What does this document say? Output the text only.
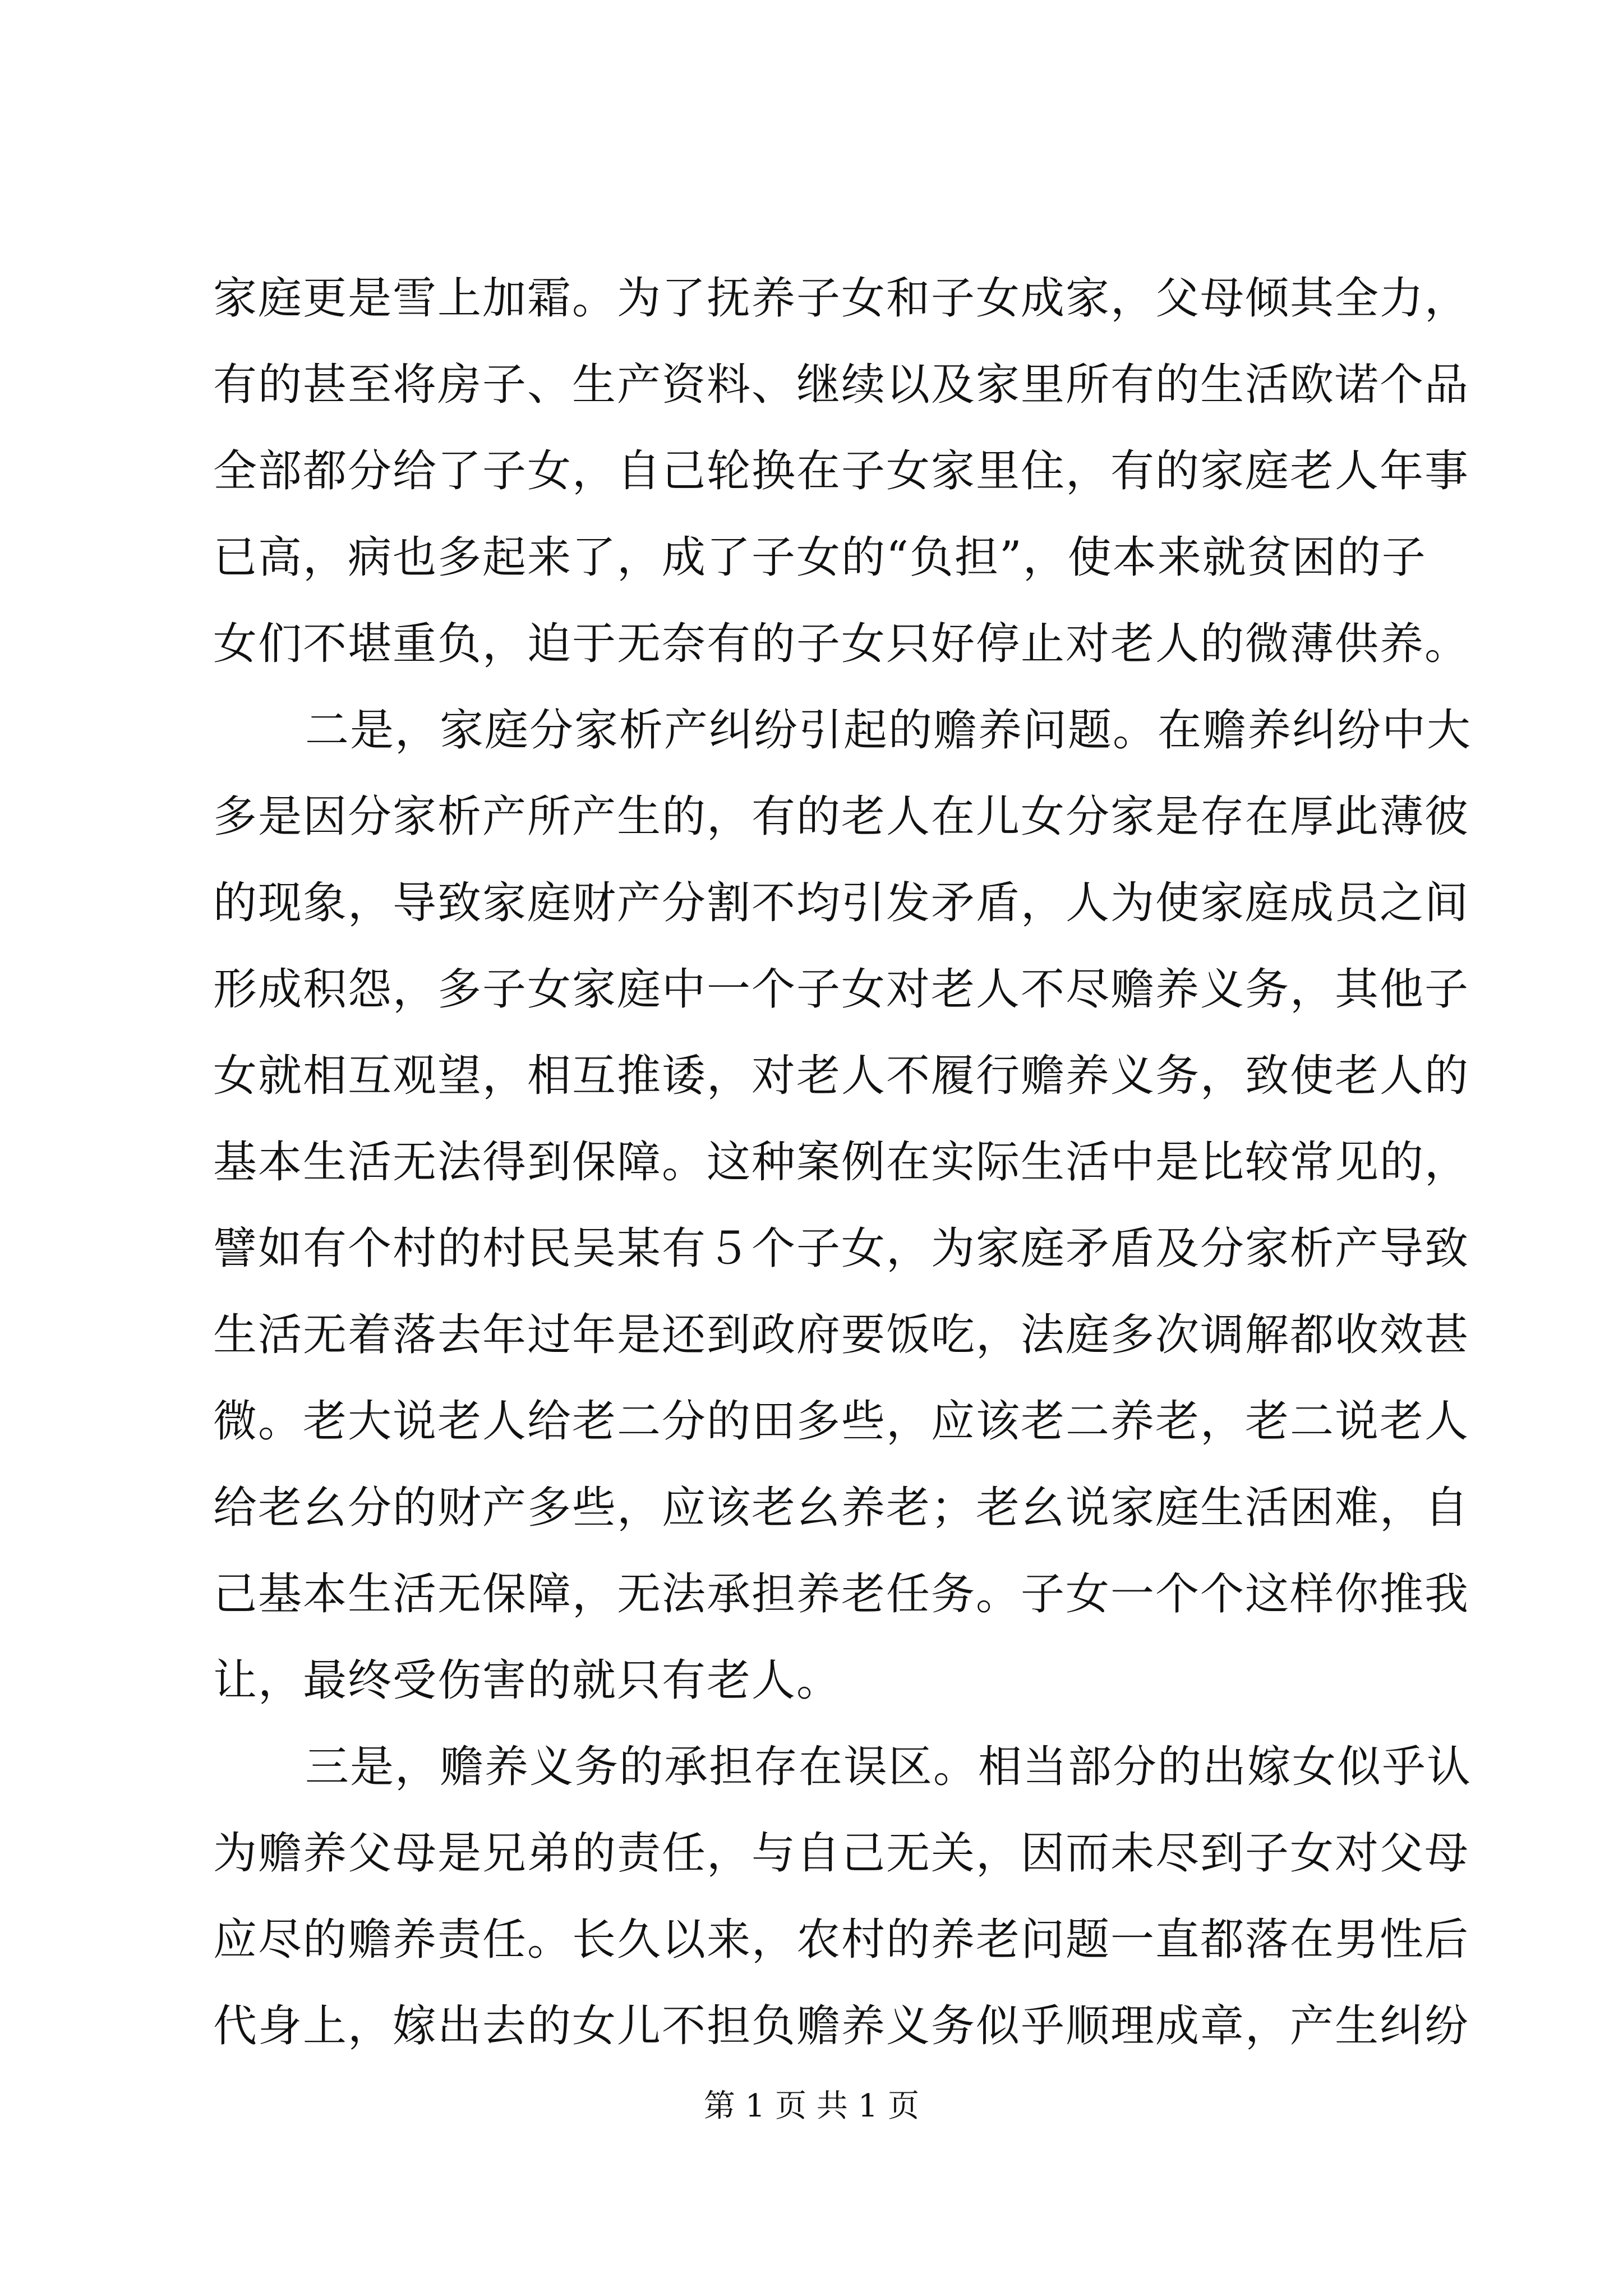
家庭更是雪上加霜。为了抚养子女和子女成家，父母倾其全力，
有的甚至将房子、生产资料、继续以及家里所有的生活欧诺个品
全部都分给了子女，自己轮换在子女家里住，有的家庭老人年事
已高，病也多起来了，成了子女的“负担”，使本来就贫困的子
女们不堪重负，迫于无奈有的子女只好停止对老人的微薄供养。
二是，家庭分家析产纠纷引起的赡养问题。在赡养纠纷中大
多是因分家析产所产生的，有的老人在儿女分家是存在厚此薄彼
的现象，导致家庭财产分割不均引发矛盾，人为使家庭成员之间
形成积怨，多子女家庭中一个子女对老人不尽赡养义务，其他子
女就相互观望，相互推诿，对老人不履行赡养义务，致使老人的
基本生活无法得到保障。这种案例在实际生活中是比较常见的，
譬如有个村的村民吴某有５个子女，为家庭矛盾及分家析产导致
生活无着落去年过年是还到政府要饭吃，法庭多次调解都收效甚
微。老大说老人给老二分的田多些，应该老二养老，老二说老人
给老幺分的财产多些，应该老幺养老；老幺说家庭生活困难，自
己基本生活无保障，无法承担养老任务。子女一个个这样你推我
让，最终受伤害的就只有老人。
三是，赡养义务的承担存在误区。相当部分的出嫁女似乎认
为赡养父母是兄弟的责任，与自己无关，因而未尽到子女对父母
应尽的赡养责任。长久以来，农村的养老问题一直都落在男性后
代身上，嫁出去的女儿不担负赡养义务似乎顺理成章，产生纠纷
第 1 页 共 1 页
